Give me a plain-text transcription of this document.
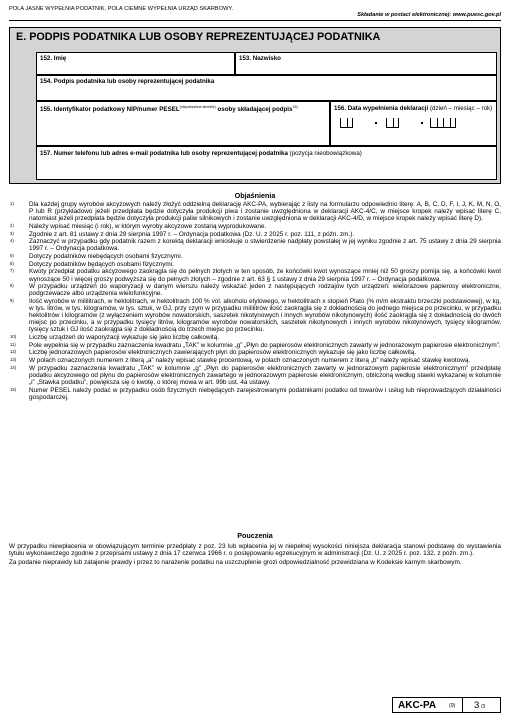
POLA JASNE WYPEŁNIA PODATNIK, POLA CIEMNE WYPEŁNIA URZĄD SKARBOWY.
Składanie w postaci elektronicznej: www.puesc.gov.pl
E. PODPIS PODATNIKA LUB OSOBY REPREZENTUJĄCEJ PODATNIKA
152. Imię	153. Nazwisko
154. Podpis podatnika lub osoby reprezentującej podatnika
155. Identyfikator podatkowy NIP/numer $PESEL^{(niepotrzebne skreślić)}$ osoby składającej podpis$^{15)}$	156. Data wypełnienia deklaracji (dzień – miesiąc – rok)
157. Numer telefonu lub adres e-mail podatnika lub osoby reprezentującej podatnika (pozycja nieobowiązkowa)
Objaśnienia
1) Dla każdej grupy wyrobów akcyzowych należy złożyć oddzielną deklarację AKC-PA, wybierając z listy na formularzu odpowiednio literę: A, B, C, D, F, I, J, K, M, N, O, P lub R (przykładowo jeżeli przedpłata będzie dotyczyła produkcji piwa i zostanie uwzględniona w deklaracji AKC-4/C, w miejsce kropek należy wpisać literę C, natomiast jeżeli przedpłata będzie dotyczyła produkcji paliw silnikowych i zostanie uwzględniona w deklaracji AKC-4/D, w miejsce kropek należy wpisać literę D).
2) Należy wpisać miesiąc (i rok), w którym wyroby akcyzowe zostaną wyprodukowane.
3) Zgodnie z art. 81 ustawy z dnia 29 sierpnia 1997 r. – Ordynacja podatkowa (Dz. U. z 2025 r. poz. 111, z późn. zm.).
4) Zaznaczyć w przypadku gdy podatnik razem z korektą deklaracji wnioskuje o stwierdzenie nadpłaty powstałej w jej wyniku zgodnie z art. 75 ustawy z dnia 29 sierpnia 1997 r. – Ordynacja podatkowa.
5) Dotyczy podatników niebędących osobami fizycznymi.
6) Dotyczy podatników będących osobami fizycznymi.
7) Kwoty przedpłat podatku akcyzowego zaokrągla się do pełnych złotych w ten sposób, że końcówki kwot wynoszące mniej niż 50 groszy pomija się, a końcówki kwot wynoszące 50 i więcej groszy podwyższa się do pełnych złotych – zgodnie z art. 63 § 1 ustawy z dnia 29 sierpnia 1997 r. – Ordynacja podatkowa.
8) W przypadku urządzeń do waporyzacji w danym wierszu należy wskazać jeden z następujących rodzajów tych urządzeń: wielorazowe papierosy elektroniczne, podgrzewacze albo urządzenia wielofunkcyjne.
9) Ilość wyrobów w mililitrach, w hektolitrach, w hektolitrach 100 % vol. alkoholu etylowego, w hektolitrach x stopień Plato (% m/m ekstraktu brzeczki podstawowej), w kg, w tys. litrów, w tys. kilogramów, w tys. sztuk, w GJ, przy czym w przypadku mililitrów ilość zaokrągla się z dokładnością do jednego miejsca po przecinku, w przypadku hektolitrów i kilogramów (z wyłączeniem wyrobów nowatorskich, saszetek nikotynowych i innych wyrobów nikotynowych) ilość zaokrągla się z dokładnością do dwóch miejsc po przecinku, a w przypadku tysięcy litrów, kilogramów wyrobów nowatorskich, saszetek nikotynowych i innych wyrobów nikotynowych, tysięcy kilogramów, tysięcy sztuk i GJ ilość zaokrągla się z dokładnością do trzech miejsc po przecinku.
10) Liczbę urządzeń do waporyzacji wykazuje się jako liczbę całkowitą.
11) Pole wypełnia się w przypadku zaznaczenia kwadratu „TAK” w kolumnie „g” „Płyn do papierosów elektronicznych zawarty w jednorazowym papierosie elektronicznym”.
12) Liczbę jednorazowych papierosów elektronicznych zawierających płyn do papierosów elektronicznych wykazuje się jako liczbę całkowitą.
13) W polach oznaczonych numerem z literą „a” należy wpisać stawkę procentową, w polach oznaczonych numerem z literą „b” należy wpisać stawkę kwotową.
14) W przypadku zaznaczenia kwadratu „TAK” w kolumnie „g” „Płyn do papierosów elektronicznych zawarty w jednorazowym papierosie elektronicznym” przedpłatę podatku akcyzowego od płynu do papierosów elektronicznych zawartego w jednorazowym papierosie elektronicznym, obliczoną według stawki wykazanej w kolumnie „i” „Stawka podatku”, powiększa się o kwotę, o której mowa w art. 99b ust. 4a ustawy.
15) Numer PESEL należy podać w przypadku osób fizycznych niebędących zarejestrowanymi podatnikami podatku od towarów i usług lub nieprowadzących działalności gospodarczej.
Pouczenia

W przypadku niewpłacenia w obowiązującym terminie przedpłaty z poz. 23 lub wpłacenia jej w niepełnej wysokości niniejsza deklaracja stanowi podstawę do wystawienia tytułu wykonawczego zgodnie z przepisami ustawy z dnia 17 czerwca 1966 r. o postępowaniu egzekucyjnym w administracji (Dz. U. z 2025 r. poz. 132, z późn. zm.).

Za podanie nieprawdy lub zatajenie prawdy i przez to narażenie podatku na uszczuplenie grozi odpowiedzialność przewidziana w Kodeksie karnym skarbowym.

AKC-PA (9) 3 /3
